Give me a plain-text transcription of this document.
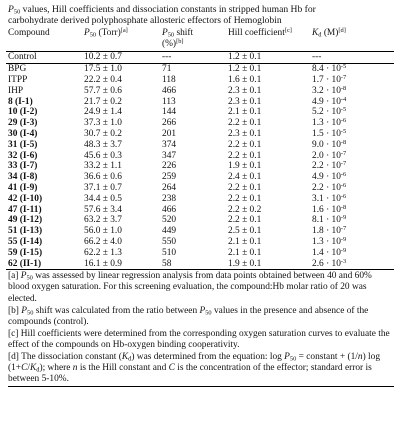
$P_{50}$ values, Hill coefficients and dissociation constants in stripped human Hb for
carbohydrate derived polyphosphate allosteric effectors of Hemoglobin
Compound	$P_{50}$ (Torr)[a]	$P_{50}$ shift
(%)[b]	Hill coefficient[c]	$K_d$ (M)[d]
Control	10.2 ± 0.7	---	1.2 ± 0.1	---
BPG	17.5 ± 1.0	71	1.2 ± 0.1	$8.4 \cdot 10^{-5}$
ITPP	22.2 ± 0.4	118	1.6 ± 0.1	$1.7 \cdot 10^{-7}$
IHP	57.7 ± 0.6	466	2.3 ± 0.1	$3.2 \cdot 10^{-8}$
8 (I-1)	21.7 ± 0.2	113	2.3 ± 0.1	$4.9 \cdot 10^{-4}$
10 (I-2)	24.9 ± 1.4	144	2.1 ± 0.1	$5.2 \cdot 10^{-5}$
29 (I-3)	37.3 ± 1.0	266	2.2 ± 0.1	$1.3 \cdot 10^{-6}$
30 (I-4)	30.7 ± 0.2	201	2.3 ± 0.1	$1.5 \cdot 10^{-5}$
31 (I-5)	48.3 ± 3.7	374	2.2 ± 0.1	$9.0 \cdot 10^{-8}$
32 (I-6)	45.6 ± 0.3	347	2.2 ± 0.1	$2.0 \cdot 10^{-7}$
33 (I-7)	33.2 ± 1.1	226	1.9 ± 0.1	$2.2 \cdot 10^{-7}$
34 (I-8)	36.6 ± 0.6	259	2.4 ± 0.1	$4.9 \cdot 10^{-6}$
41 (I-9)	37.1 ± 0.7	264	2.2 ± 0.1	$2.2 \cdot 10^{-6}$
42 (I-10)	34.4 ± 0.5	238	2.2 ± 0.1	$3.1 \cdot 10^{-6}$
47 (I-11)	57.6 ± 3.4	466	2.2 ± 0.2	$1.6 \cdot 10^{-8}$
49 (I-12)	63.2 ± 3.7	520	2.2 ± 0.1	$8.1 \cdot 10^{-9}$
51 (I-13)	56.0 ± 1.0	449	2.5 ± 0.1	$1.8 \cdot 10^{-7}$
55 (I-14)	66.2 ± 4.0	550	2.1 ± 0.1	$1.3 \cdot 10^{-9}$
59 (I-15)	62.2 ± 1.3	510	2.1 ± 0.1	$1.4 \cdot 10^{-9}$
62 (II-1)	16.1 ± 0.9	58	1.9 ± 0.1	$2.6 \cdot 10^{-3}$
[a] $P_{50}$ was assessed by linear regression analysis from data points obtained between 40 and 60% blood oxygen saturation. For this screening evaluation, the compound:Hb molar ratio of 20 was elected.
[b] $P_{50}$ shift was calculated from the ratio between $P_{50}$ values in the presence and absence of the compounds (control).
[c] Hill coefficients were determined from the corresponding oxygen saturation curves to evaluate the effect of the compounds on Hb-oxygen binding cooperativity.
[d] The dissociation constant $(K_d)$ was determined from the equation: $\log P_{50}$ = constant + (1/n) $\log (1+C/K_d)$; where n is the Hill constant and C is the concentration of the effector; standard error is between 5-10%.
